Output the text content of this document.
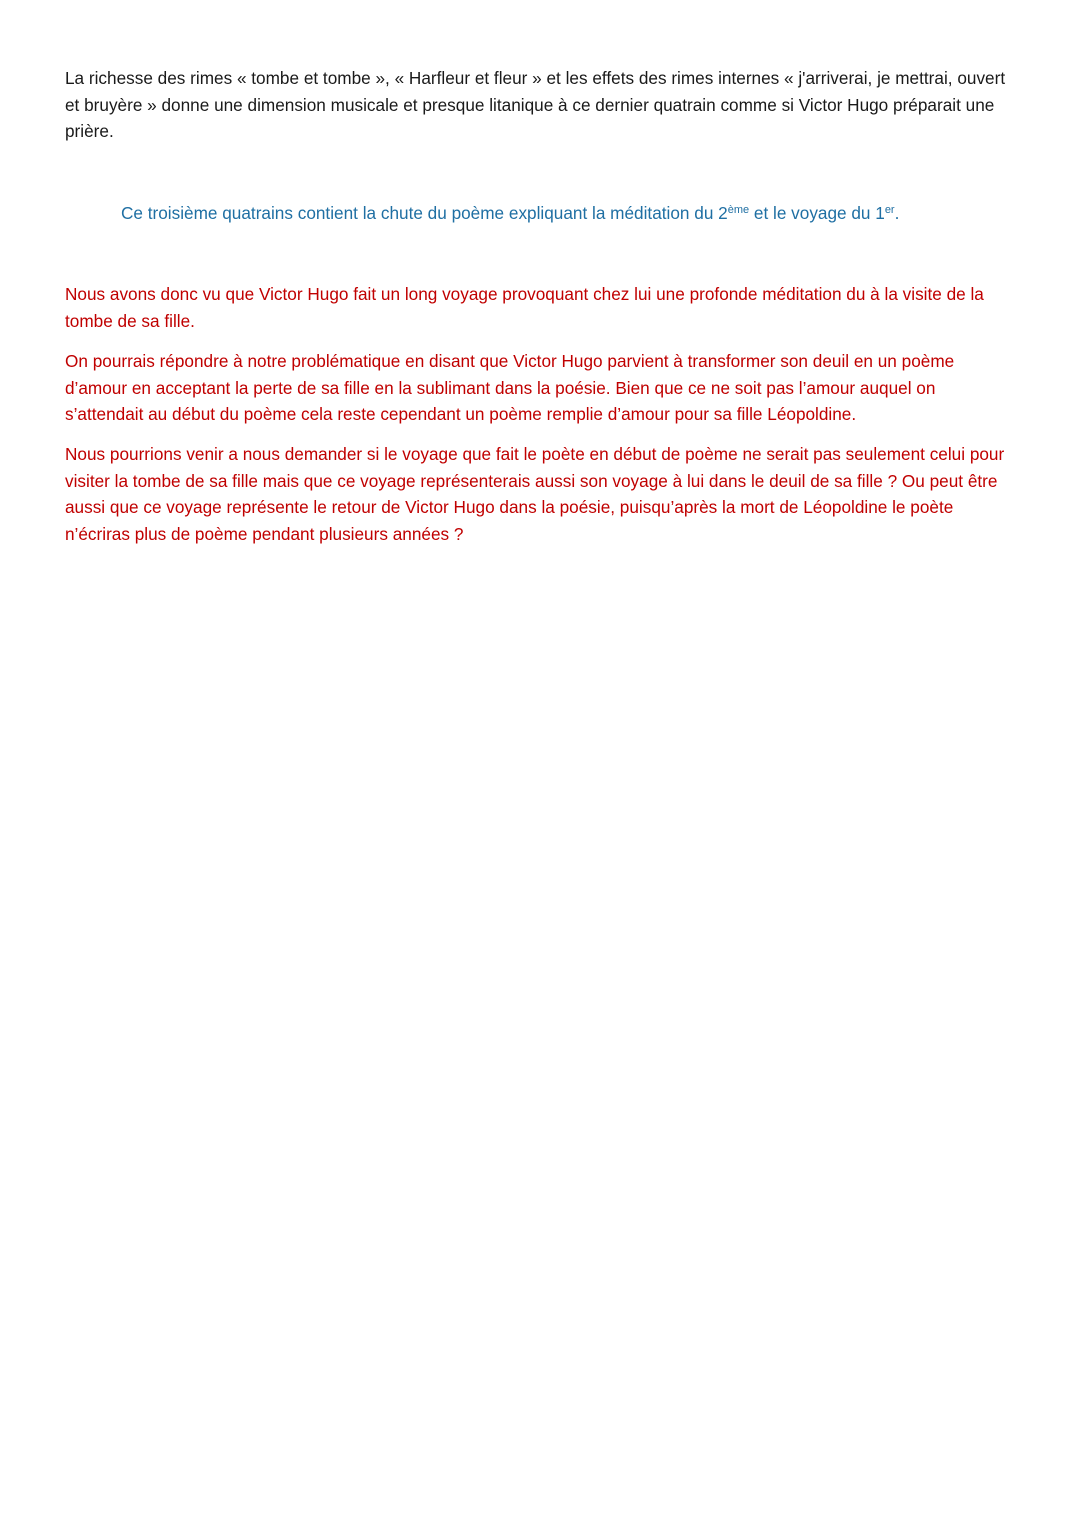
La richesse des rimes « tombe et tombe », « Harfleur et fleur » et les effets des rimes internes « j'arriverai, je mettrai, ouvert et bruyère » donne une dimension musicale et presque litanique à ce dernier quatrain comme si Victor Hugo préparait une prière.

Ce troisième quatrains contient la chute du poème expliquant la méditation du 2ème et le voyage du 1er.

Nous avons donc vu que Victor Hugo fait un long voyage provoquant chez lui une profonde méditation du à la visite de la tombe de sa fille.

On pourrais répondre à notre problématique en disant que Victor Hugo parvient à transformer son deuil en un poème d’amour en acceptant la perte de sa fille en la sublimant dans la poésie. Bien que ce ne soit pas l’amour auquel on s’attendait au début du poème cela reste cependant un poème remplie d’amour pour sa fille Léopoldine.

Nous pourrions venir a nous demander si le voyage que fait le poète en début de poème ne serait pas seulement celui pour visiter la tombe de sa fille mais que ce voyage représenterais aussi son voyage à lui dans le deuil de sa fille ? Ou peut être aussi que ce voyage représente le retour de Victor Hugo dans la poésie, puisqu’après la mort de Léopoldine le poète n’écriras plus de poème pendant plusieurs années ?
